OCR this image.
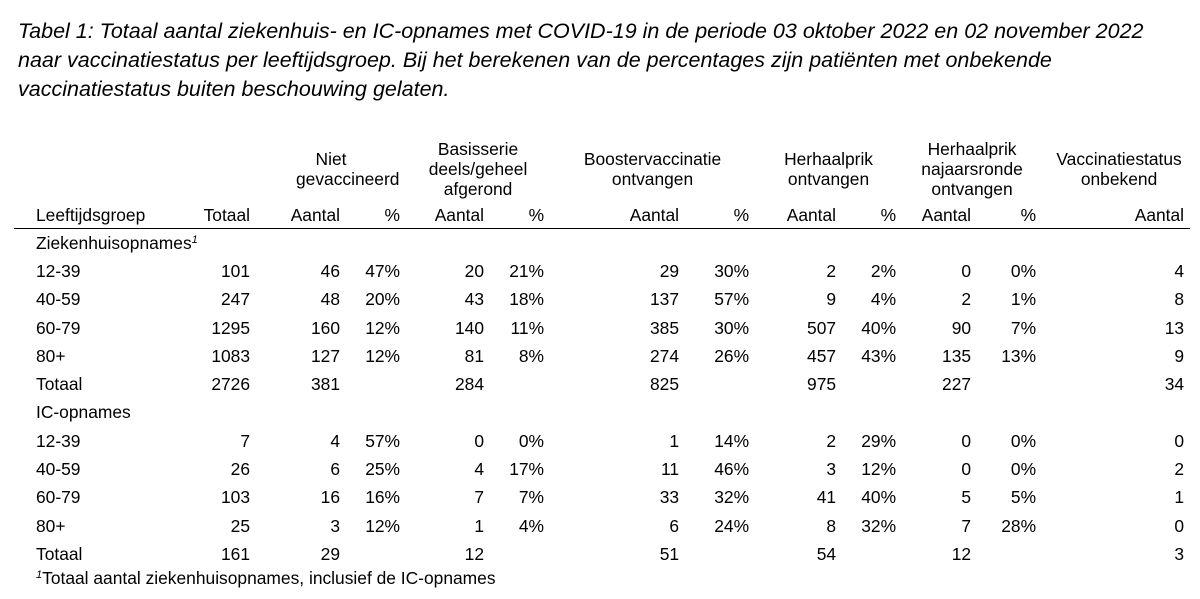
Tabel 1: Totaal aantal ziekenhuis- en IC-opnames met COVID-19 in de periode 03 oktober 2022 en 02 november 2022 naar vaccinatiestatus per leeftijdsgroep. Bij het berekenen van de percentages zijn patiënten met onbekende vaccinatiestatus buiten beschouwing gelaten.
		Niet gevaccineerd		Basisserie deels/geheel afgerond		Boostervaccinatie ontvangen		Herhaalprik ontvangen		Herhaalprik najaarsronde ontvangen		Vaccinatiestatus onbekend
Leeftijdsgroep	Totaal	Aantal	%	Aantal	%	Aantal	%	Aantal	%	Aantal	%	Aantal
Ziekenhuisopnames$^1$
12-39	101	46	47%	20	21%	29	30%	2	2%	0	0%	4
40-59	247	48	20%	43	18%	137	57%	9	4%	2	1%	8
60-79	1295	160	12%	140	11%	385	30%	507	40%	90	7%	13
80+	1083	127	12%	81	8%	274	26%	457	43%	135	13%	9
Totaal	2726	381		284		825		975		227		34
IC-opnames												
12-39	7	4	57%	0	0%	1	14%	2	29%	0	0%	0
40-59	26	6	25%	4	17%	11	46%	3	12%	0	0%	2
60-79	103	16	16%	7	7%	33	32%	41	40%	5	5%	1
80+	25	3	12%	1	4%	6	24%	8	32%	7	28%	0
Totaal	161	29		12		51		54		12		3
$^1$Totaal aantal ziekenhuisopnames, inclusief de IC-opnames
